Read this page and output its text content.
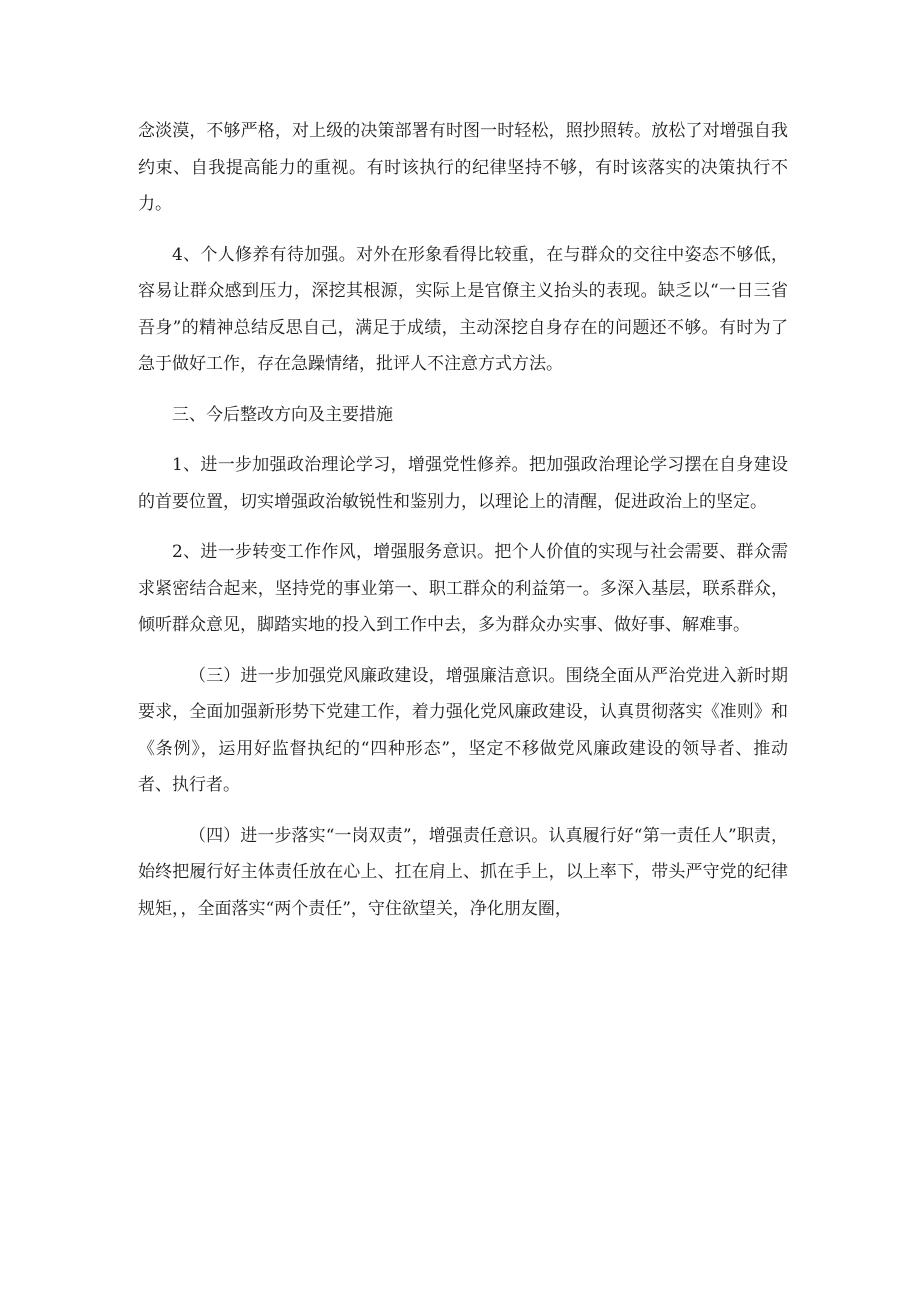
念淡漠，不够严格，对上级的决策部署有时图一时轻松，照抄照转。放松了对增强自我约束、自我提高能力的重视。有时该执行的纪律坚持不够，有时该落实的决策执行不力。

4、个人修养有待加强。对外在形象看得比较重，在与群众的交往中姿态不够低，容易让群众感到压力，深挖其根源，实际上是官僚主义抬头的表现。缺乏以“一日三省吾身”的精神总结反思自己，满足于成绩，主动深挖自身存在的问题还不够。有时为了急于做好工作，存在急躁情绪，批评人不注意方式方法。

三、今后整改方向及主要措施

1、进一步加强政治理论学习，增强党性修养。把加强政治理论学习摆在自身建设的首要位置，切实增强政治敏锐性和鉴别力，以理论上的清醒，促进政治上的坚定。

2、进一步转变工作作风，增强服务意识。把个人价值的实现与社会需要、群众需求紧密结合起来，坚持党的事业第一、职工群众的利益第一。多深入基层，联系群众，倾听群众意见，脚踏实地的投入到工作中去，多为群众办实事、做好事、解难事。

（三）进一步加强党风廉政建设，增强廉洁意识。围绕全面从严治党进入新时期要求，全面加强新形势下党建工作，着力强化党风廉政建设，认真贯彻落实《准则》和《条例》，运用好监督执纪的“四种形态”，坚定不移做党风廉政建设的领导者、推动者、执行者。

（四）进一步落实“一岗双责”，增强责任意识。认真履行好“第一责任人”职责，始终把履行好主体责任放在心上、扛在肩上、抓在手上，以上率下，带头严守党的纪律规矩，，全面落实“两个责任”，守住欲望关，净化朋友圈，
